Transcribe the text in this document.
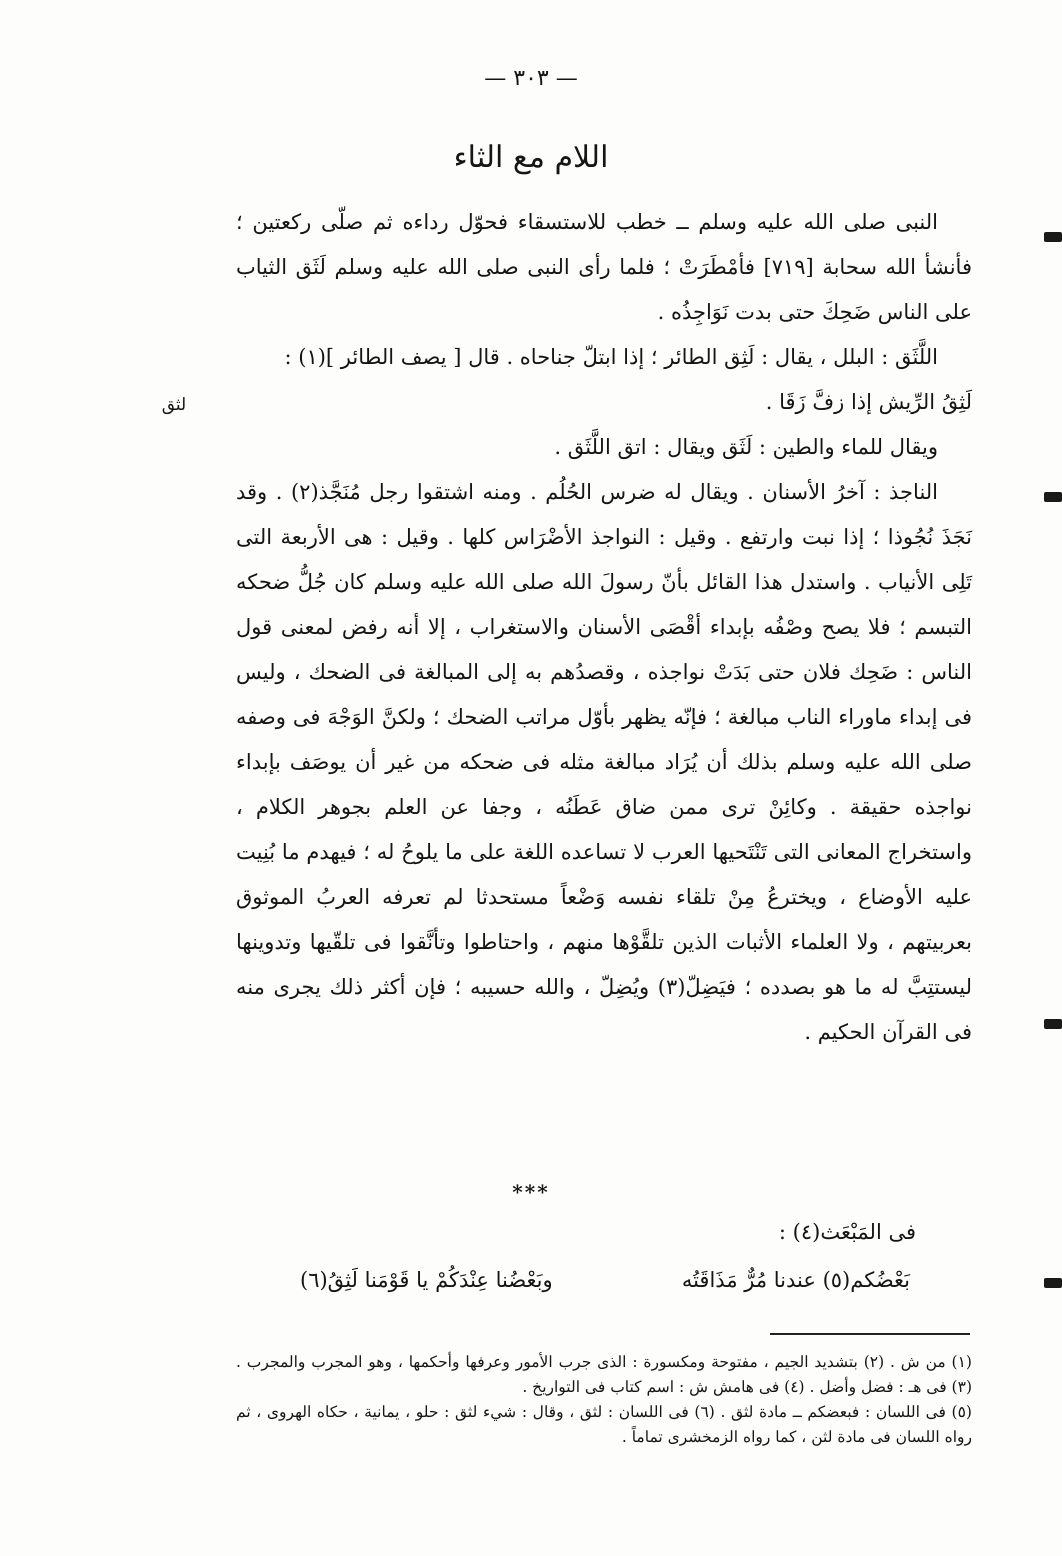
— ٣٠٣ —
اللام مع الثاء
لثق

النبى صلى الله عليه وسلم ــ خطب للاستسقاء فحوّل رداءه ثم صلّى ركعتين ؛ فأنشأ الله سحابة [٧١٩] فأمْطَرَتْ ؛ فلما رأى النبى صلى الله عليه وسلم لَثَق الثياب على الناس ضَحِكَ حتى بدت نَوَاجِذُه .

اللَّثَق : البلل ، يقال : لَثِق الطائر ؛ إذا ابتلّ جناحاه . قال [ يصف الطائر ](١) :

لَثِقُ الرِّيش إذا زفَّ زَقَا .

ويقال للماء والطين : لَثَق ويقال : اتق اللَّثَق .

الناجذ : آخرُ الأسنان . ويقال له ضرس الحُلُم . ومنه اشتقوا رجل مُنَجَّذ(٢) . وقد نَجَذَ نُجُوذا ؛ إذا نبت وارتفع . وقيل : النواجذ الأضْرَاس كلها . وقيل : هى الأربعة التى تَلِى الأنياب . واستدل هذا القائل بأنّ رسولَ الله صلى الله عليه وسلم كان جُلُّ ضحكه التبسم ؛ فلا يصح وصْفُه بإبداء أقْصَى الأسنان والاستغراب ، إلا أنه رفض لمعنى قول الناس : ضَحِك فلان حتى بَدَتْ نواجذه ، وقصدُهم به إلى المبالغة فى الضحك ، وليس فى إبداء ماوراء الناب مبالغة ؛ فإنّه يظهر بأوّل مراتب الضحك ؛ ولكنَّ الوَجْهَ فى وصفه صلى الله عليه وسلم بذلك أن يُرَاد مبالغة مثله فى ضحكه من غير أن يوصَف بإبداء نواجذه حقيقة . وكائِنْ ترى ممن ضاق عَطَنُه ، وجفا عن العلم بجوهر الكلام ، واستخراج المعانى التى تَنْتَحيها العرب لا تساعده اللغة على ما يلوحُ له ؛ فيهدم ما بُنِيت عليه الأوضاع ، ويخترعُ مِنْ تلقاء نفسه وَضْعاً مستحدثا لم تعرفه العربُ الموثوق بعربيتهم ، ولا العلماء الأثبات الذين تلقَّوْها منهم ، واحتاطوا وتأنَّقوا فى تلقّيها وتدوينها ليستتِبَّ له ما هو بصدده ؛ فيَضِلّ(٣) ويُضِلّ ، والله حسيبه ؛ فإن أكثر ذلك يجرى منه فى القرآن الحكيم .

***
فى المَبْعَث(٤) :
بَعْضُكم(٥) عندنا مُرٌّ مَذَاقَتُه
وبَعْضُنا عِنْدَكُمْ يا قَوْمَنا لَثِقُ(٦)

(١) من ش . (٢) بتشديد الجيم ، مفتوحة ومكسورة : الذى جرب الأمور وعرفها وأحكمها ، وهو المجرب والمجرب . (٣) فى هـ : فضل وأضل . (٤) فى هامش ش : اسم كتاب فى التواريخ .

(٥) فى اللسان : فبعضكم ــ مادة لثق . (٦) فى اللسان : لثق ، وقال : شيء لثق : حلو ، يمانية ، حكاه الهروى ، ثم رواه اللسان فى مادة لثن ، كما رواه الزمخشرى تماماً .
